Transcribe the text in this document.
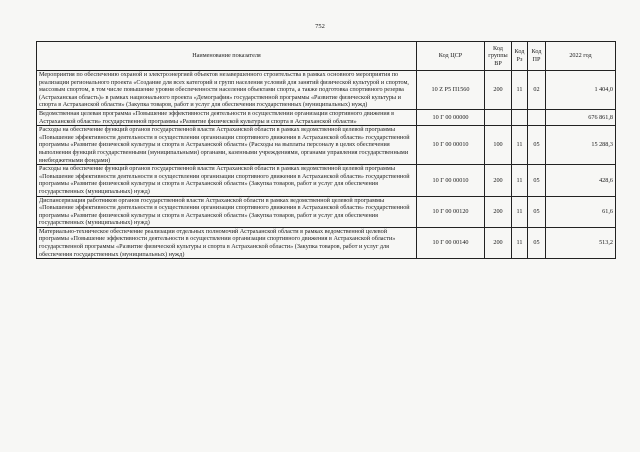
752
Наименование показателя	Код ЦСР	Код группы ВР	Код Рз	Код ПР	2022 год
Мероприятия по обеспечению охраной и электроэнергией объектов незавершенного строительства в рамках основного мероприятия по реализации регионального проекта «Создание для всех категорий и групп населения условий для занятий физической культурой и спортом, массовым спортом, в том числе повышение уровня обеспеченности населения объектами спорта, а также подготовка спортивного резерва (Астраханская область)» в рамках национального проекта «Демография» государственной программы «Развитие физической культуры и спорта в Астраханской области» (Закупка товаров, работ и услуг для обеспечения государственных (муниципальных) нужд)	10 Z P5 П1560	200	11	02	1 404,0
Ведомственная целевая программа «Повышение эффективности деятельности в осуществлении организации спортивного движения в Астраханской области» государственной программы «Развитие физической культуры и спорта в Астраханской области»	10 Г 00 00000				676 861,8
Расходы на обеспечение функций органов государственной власти Астраханской области в рамках ведомственной целевой программы «Повышение эффективности деятельности в осуществлении организации спортивного движения в Астраханской области» государственной программы «Развитие физической культуры и спорта в Астраханской области» (Расходы на выплаты персоналу в целях обеспечения выполнения функций государственными (муниципальными) органами, казенными учреждениями, органами управления государственными внебюджетными фондами)	10 Г 00 00010	100	11	05	15 288,3
Расходы на обеспечение функций органов государственной власти Астраханской области в рамках ведомственной целевой программы «Повышение эффективности деятельности в осуществлении организации спортивного движения в Астраханской области» государственной программы «Развитие физической культуры и спорта в Астраханской области» (Закупка товаров, работ и услуг для обеспечения государственных (муниципальных) нужд)	10 Г 00 00010	200	11	05	428,6
Диспансеризация работников органов государственной власти Астраханской области в рамках ведомственной целевой программы «Повышение эффективности деятельности в осуществлении организации спортивного движения в Астраханской области» государственной программы «Развитие физической культуры и спорта в Астраханской области» (Закупка товаров, работ и услуг для обеспечения государственных (муниципальных) нужд)	10 Г 00 00120	200	11	05	61,6
Материально-техническое обеспечение реализации отдельных полномочий Астраханской области в рамках ведомственной целевой программы «Повышение эффективности деятельности в осуществлении организации спортивного движения в Астраханской области» государственной программы «Развитие физической культуры и спорта в Астраханской области» (Закупка товаров, работ и услуг для обеспечения государственных (муниципальных) нужд)	10 Г 00 00140	200	11	05	513,2
